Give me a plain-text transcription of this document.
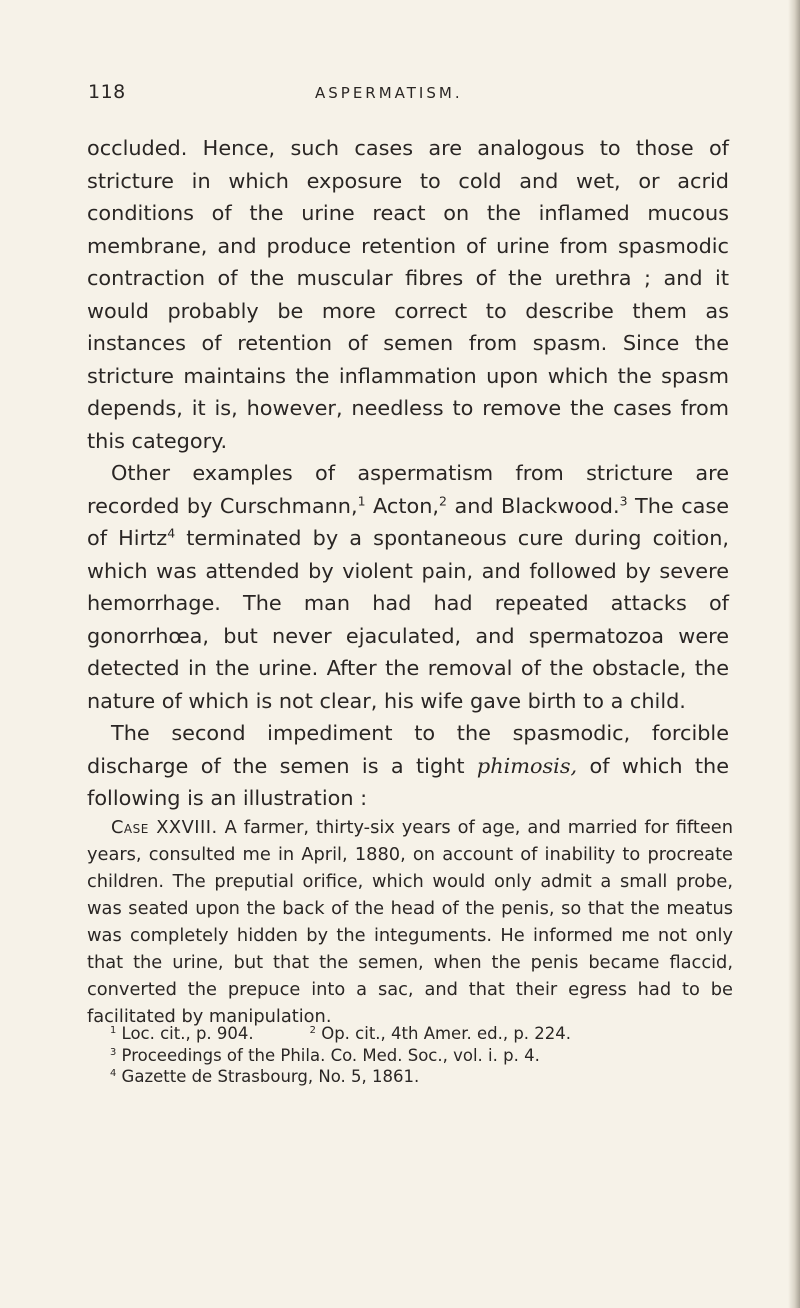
118	ASPERMATISM.

occluded. Hence, such cases are analogous to those of stricture in which exposure to cold and wet, or acrid conditions of the urine react on the inflamed mucous membrane, and produce retention of urine from spasmodic contraction of the muscular fibres of the urethra ; and it would probably be more correct to describe them as instances of retention of semen from spasm. Since the stricture maintains the inflammation upon which the spasm depends, it is, however, needless to remove the cases from this category.

Other examples of aspermatism from stricture are recorded by Curschmann,$^1$ Acton,$^2$ and Blackwood.$^3$ The case of Hirtz$^4$ terminated by a spontaneous cure during coition, which was attended by violent pain, and followed by severe hemorrhage. The man had had repeated attacks of gonorrhœa, but never ejaculated, and spermatozoa were detected in the urine. After the removal of the obstacle, the nature of which is not clear, his wife gave birth to a child.

The second impediment to the spasmodic, forcible discharge of the semen is a tight phimosis, of which the following is an illustration :

Case XXVIII. A farmer, thirty-six years of age, and married for fifteen years, consulted me in April, 1880, on account of inability to procreate children. The preputial orifice, which would only admit a small probe, was seated upon the back of the head of the penis, so that the meatus was completely hidden by the integuments. He informed me not only that the urine, but that the semen, when the penis became flaccid, converted the prepuce into a sac, and that their egress had to be facilitated by manipulation.

$^1$ Loc. cit., p. 904.	$^2$ Op. cit., 4th Amer. ed., p. 224.
$^3$ Proceedings of the Phila. Co. Med. Soc., vol. i. p. 4.
$^4$ Gazette de Strasbourg, No. 5, 1861.
